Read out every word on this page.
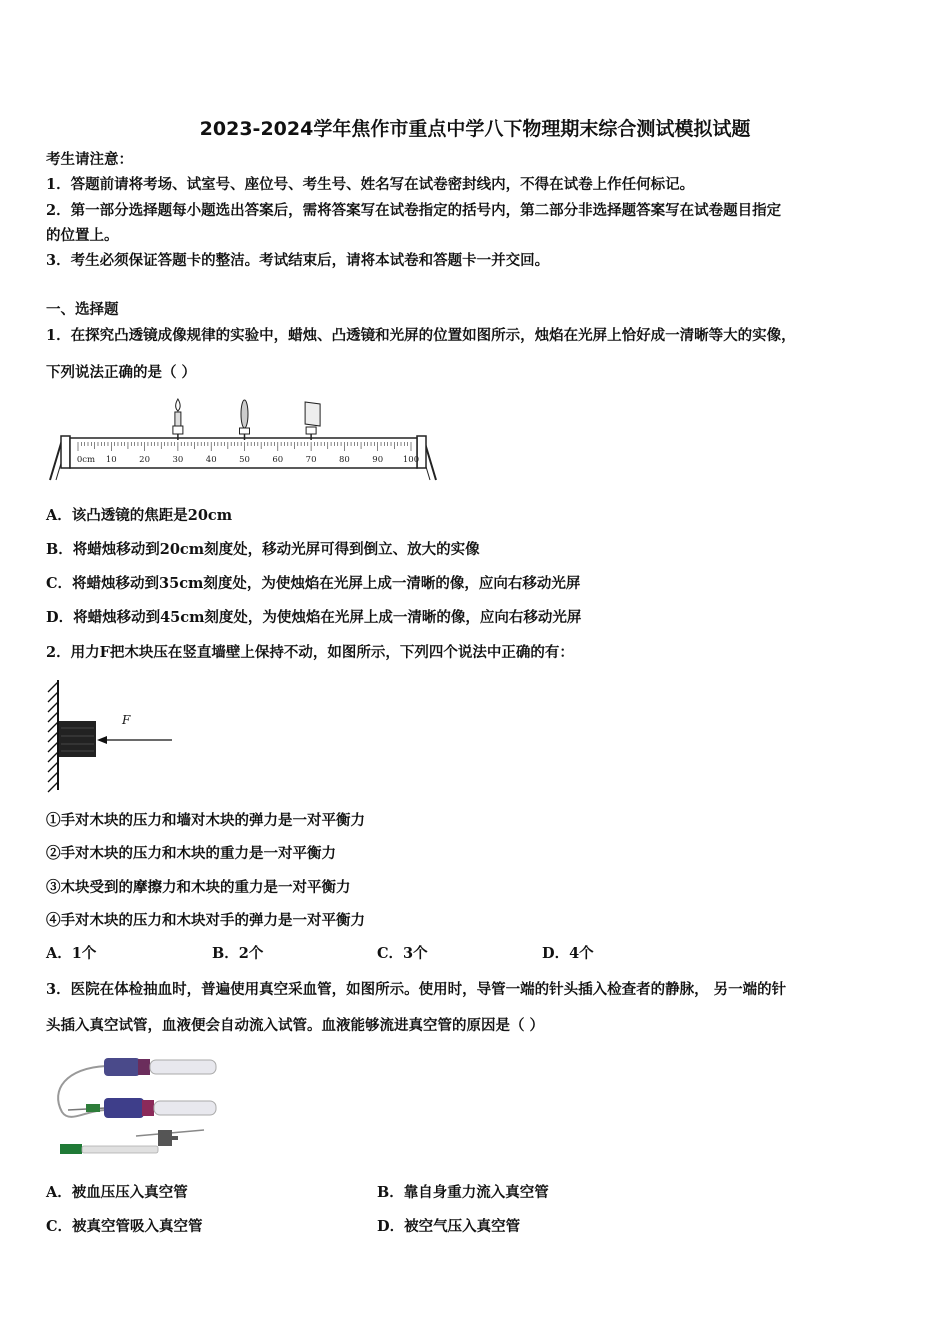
2023-2024学年焦作市重点中学八下物理期末综合测试模拟试题
考生请注意：
1．答题前请将考场、试室号、座位号、考生号、姓名写在试卷密封线内，不得在试卷上作任何标记。
2．第一部分选择题每小题选出答案后，需将答案写在试卷指定的括号内，第二部分非选择题答案写在试卷题目指定
的位置上。
3．考生必须保证答题卡的整洁。考试结束后，请将本试卷和答题卡一并交回。
一、选择题
1．在探究凸透镜成像规律的实验中，蜡烛、凸透镜和光屏的位置如图所示，烛焰在光屏上恰好成一清晰等大的实像，
下列说法正确的是（ ）
0cm 10	20	30	40	50	60	70	80	90 100
A．该凸透镜的焦距是20cm
B．将蜡烛移动到20cm刻度处，移动光屏可得到倒立、放大的实像
C．将蜡烛移动到35cm刻度处，为使烛焰在光屏上成一清晰的像，应向右移动光屏
D．将蜡烛移动到45cm刻度处，为使烛焰在光屏上成一清晰的像，应向右移动光屏
2．用力F把木块压在竖直墙壁上保持不动，如图所示，下列四个说法中正确的有：
F
①手对木块的压力和墙对木块的弹力是一对平衡力
②手对木块的压力和木块的重力是一对平衡力
③木块受到的摩擦力和木块的重力是一对平衡力
④手对木块的压力和木块对手的弹力是一对平衡力
A．1个	B．2个	C．3个	D．4个
3．医院在体检抽血时，普遍使用真空采血管，如图所示。使用时，导管一端的针头插入检查者的静脉， 另一端的针
头插入真空试管，血液便会自动流入试管。血液能够流进真空管的原因是（ ）
A．被血压压入真空管	B．靠自身重力流入真空管
C．被真空管吸入真空管	D．被空气压入真空管
